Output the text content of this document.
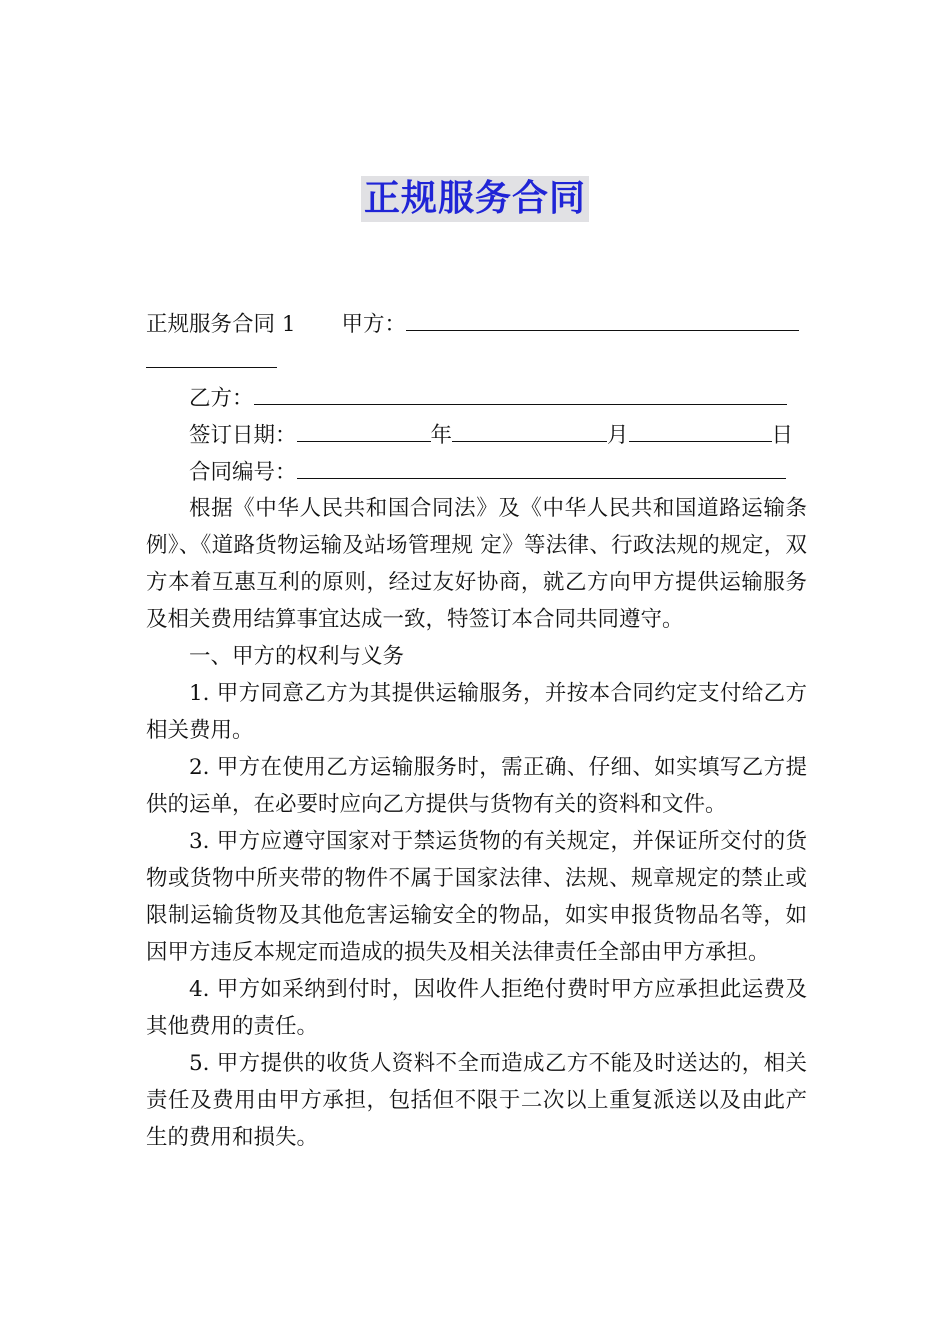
正规服务合同
正规服务合同 1 甲方：
乙方：
签订日期：	年	月	日
合同编号：

根据《中华人民共和国合同法》及《中华人民共和国道路运输条例》、《道路货物运输及站场管理规 定》等法律、行政法规的规定，双方本着互惠互利的原则，经过友好协商，就乙方向甲方提供运输服务及相关费用结算事宜达成一致，特签订本合同共同遵守。

一、甲方的权利与义务

1. 甲方同意乙方为其提供运输服务，并按本合同约定支付给乙方相关费用。

2. 甲方在使用乙方运输服务时，需正确、仔细、如实填写乙方提供的运单，在必要时应向乙方提供与货物有关的资料和文件。

3. 甲方应遵守国家对于禁运货物的有关规定，并保证所交付的货物或货物中所夹带的物件不属于国家法律、法规、规章规定的禁止或限制运输货物及其他危害运输安全的物品，如实申报货物品名等，如因甲方违反本规定而造成的损失及相关法律责任全部由甲方承担。

4. 甲方如采纳到付时，因收件人拒绝付费时甲方应承担此运费及其他费用的责任。

5. 甲方提供的收货人资料不全而造成乙方不能及时送达的，相关责任及费用由甲方承担，包括但不限于二次以上重复派送以及由此产生的费用和损失。
